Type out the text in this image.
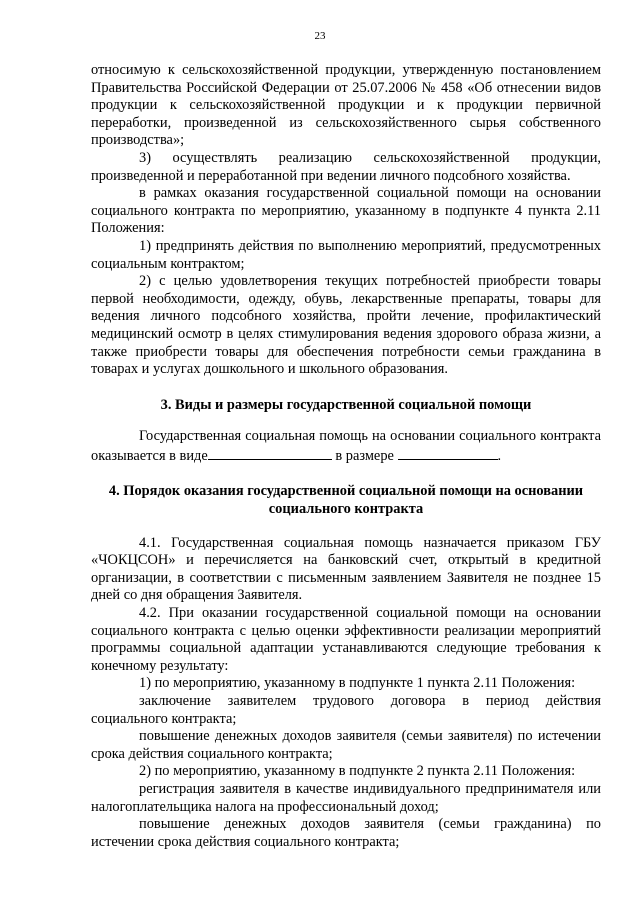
23

относимую к сельскохозяйственной продукции, утвержденную постановлением Правительства Российской Федерации от 25.07.2006 № 458 «Об отнесении видов продукции к сельскохозяйственной продукции и к продукции первичной переработки, произведенной из сельскохозяйственного сырья собственного производства»;

3) осуществлять реализацию сельскохозяйственной продукции, произведенной и переработанной при ведении личного подсобного хозяйства.

в рамках оказания государственной социальной помощи на основании социального контракта по мероприятию, указанному в подпункте 4 пункта 2.11 Положения:

1) предпринять действия по выполнению мероприятий, предусмотренных социальным контрактом;

2) с целью удовлетворения текущих потребностей приобрести товары первой необходимости, одежду, обувь, лекарственные препараты, товары для ведения личного подсобного хозяйства, пройти лечение, профилактический медицинский осмотр в целях стимулирования ведения здорового образа жизни, а также приобрести товары для обеспечения потребности семьи гражданина в товарах и услугах дошкольного и школьного образования.

3. Виды и размеры государственной социальной помощи

Государственная социальная помощь на основании социального контракта оказывается в виде	в размере	.

4. Порядок оказания государственной социальной помощи на основании социального контракта

4.1. Государственная социальная помощь назначается приказом ГБУ «ЧОКЦСОН» и перечисляется на банковский счет, открытый в кредитной организации, в соответствии с письменным заявлением Заявителя не позднее 15 дней со дня обращения Заявителя.

4.2. При оказании государственной социальной помощи на основании социального контракта с целью оценки эффективности реализации мероприятий программы социальной адаптации устанавливаются следующие требования к конечному результату:

1) по мероприятию, указанному в подпункте 1 пункта 2.11 Положения:

заключение заявителем трудового договора в период действия социального контракта;

повышение денежных доходов заявителя (семьи заявителя) по истечении срока действия социального контракта;

2) по мероприятию, указанному в подпункте 2 пункта 2.11 Положения:

регистрация заявителя в качестве индивидуального предпринимателя или налогоплательщика налога на профессиональный доход;

повышение денежных доходов заявителя (семьи гражданина) по истечении срока действия социального контракта;
